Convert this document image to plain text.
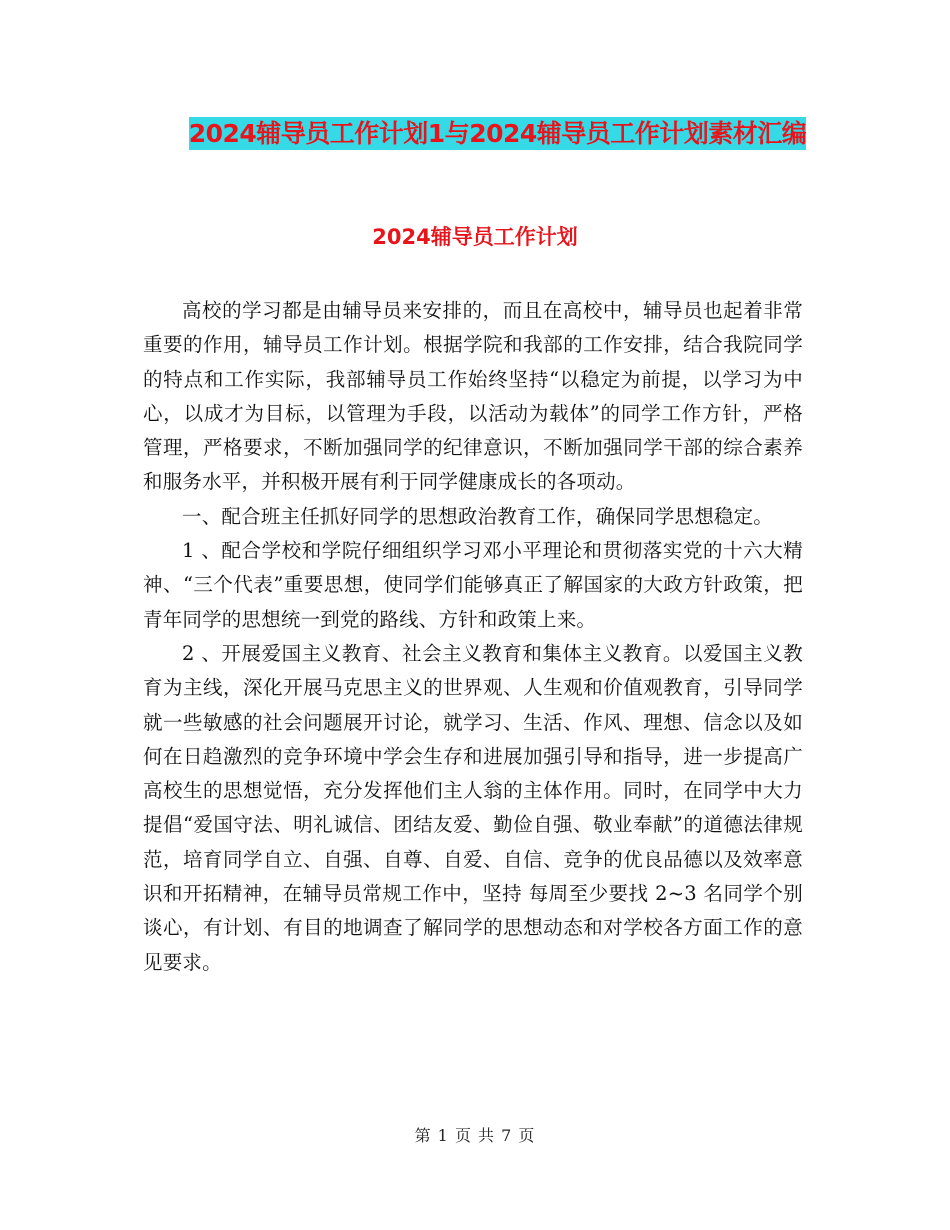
2024辅导员工作计划1与2024辅导员工作计划素材汇编
2024辅导员工作计划

高校的学习都是由辅导员来安排的，而且在高校中，辅导员也起着非常重要的作用，辅导员工作计划。根据学院和我部的工作安排，结合我院同学的特点和工作实际，我部辅导员工作始终坚持“以稳定为前提，以学习为中心，以成才为目标，以管理为手段，以活动为载体”的同学工作方针，严格管理，严格要求，不断加强同学的纪律意识，不断加强同学干部的综合素养和服务水平，并积极开展有利于同学健康成长的各项动。

一、配合班主任抓好同学的思想政治教育工作，确保同学思想稳定。

1 、配合学校和学院仔细组织学习邓小平理论和贯彻落实党的十六大精神、“三个代表”重要思想，使同学们能够真正了解国家的大政方针政策，把青年同学的思想统一到党的路线、方针和政策上来。

2 、开展爱国主义教育、社会主义教育和集体主义教育。以爱国主义教育为主线，深化开展马克思主义的世界观、人生观和价值观教育，引导同学就一些敏感的社会问题展开讨论，就学习、生活、作风、理想、信念以及如何在日趋激烈的竞争环境中学会生存和进展加强引导和指导，进一步提高广高校生的思想觉悟，充分发挥他们主人翁的主体作用。同时，在同学中大力提倡“爱国守法、明礼诚信、团结友爱、勤俭自强、敬业奉献”的道德法律规范，培育同学自立、自强、自尊、自爱、自信、竞争的优良品德以及效率意识和开拓精神，在辅导员常规工作中，坚持 每周至少要找 2~3 名同学个别谈心，有计划、有目的地调查了解同学的思想动态和对学校各方面工作的意见要求。

第 1 页 共 7 页
